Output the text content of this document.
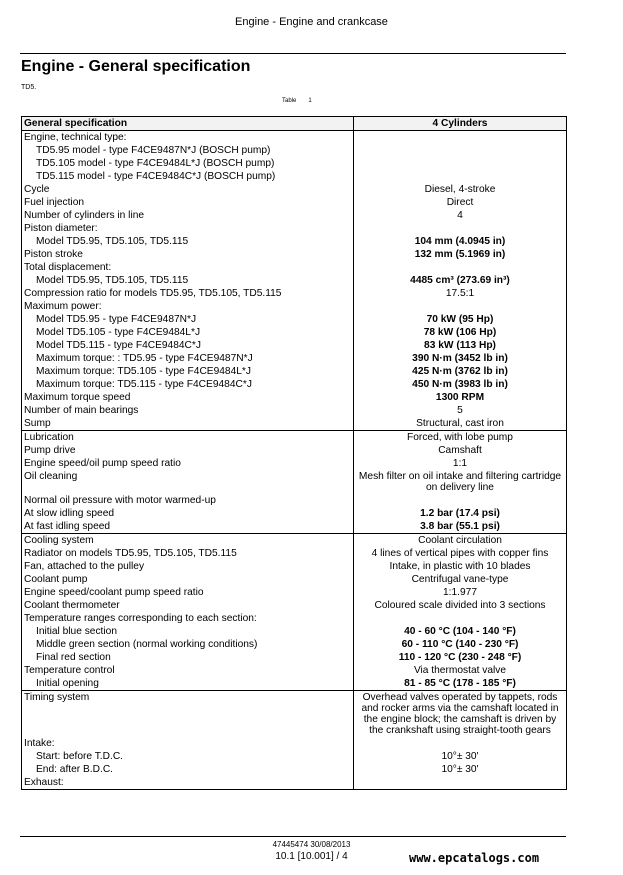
Engine - Engine and crankcase
Engine - General specification
TD5.
Table 1
General specification	4 Cylinders
Engine, technical type:	
TD5.95 model - type F4CE9487N*J (BOSCH pump)	
TD5.105 model - type F4CE9484L*J (BOSCH pump)	
TD5.115 model - type F4CE9484C*J (BOSCH pump)	
Cycle	Diesel, 4-stroke
Fuel injection	Direct
Number of cylinders in line	4
Piston diameter:	
Model TD5.95, TD5.105, TD5.115	104 mm (4.0945 in)
Piston stroke	132 mm (5.1969 in)
Total displacement:	
Model TD5.95, TD5.105, TD5.115	4485 cm³ (273.69 in³)
Compression ratio for models TD5.95, TD5.105, TD5.115	17.5:1
Maximum power:	
Model TD5.95 - type F4CE9487N*J	70 kW (95 Hp)
Model TD5.105 - type F4CE9484L*J	78 kW (106 Hp)
Model TD5.115 - type F4CE9484C*J	83 kW (113 Hp)
Maximum torque: : TD5.95 - type F4CE9487N*J	390 N·m (3452 lb in)
Maximum torque: TD5.105 - type F4CE9484L*J	425 N·m (3762 lb in)
Maximum torque: TD5.115 - type F4CE9484C*J	450 N·m (3983 lb in)
Maximum torque speed	1300 RPM
Number of main bearings	5
Sump	Structural, cast iron
Lubrication	Forced, with lobe pump
Pump drive	Camshaft
Engine speed/oil pump speed ratio	1:1
Oil cleaning	Mesh filter on oil intake and filtering cartridge on delivery line
Normal oil pressure with motor warmed-up	
At slow idling speed	1.2 bar (17.4 psi)
At fast idling speed	3.8 bar (55.1 psi)
Cooling system	Coolant circulation
Radiator on models TD5.95, TD5.105, TD5.115	4 lines of vertical pipes with copper fins
Fan, attached to the pulley	Intake, in plastic with 10 blades
Coolant pump	Centrifugal vane-type
Engine speed/coolant pump speed ratio	1:1.977
Coolant thermometer	Coloured scale divided into 3 sections
Temperature ranges corresponding to each section:	
Initial blue section	40 - 60 °C (104 - 140 °F)
Middle green section (normal working conditions)	60 - 110 °C (140 - 230 °F)
Final red section	110 - 120 °C (230 - 248 °F)
Temperature control	Via thermostat valve
Initial opening	81 - 85 °C (178 - 185 °F)
Timing system	Overhead valves operated by tappets, rods and rocker arms via the camshaft located in the engine block; the camshaft is driven by the crankshaft using straight-tooth gears
Intake:	
Start: before T.D.C.	10°± 30'
End: after B.D.C.	10°± 30'
Exhaust:	
47445474 30/08/2013
10.1 [10.001] / 4	www.epcatalogs.com
